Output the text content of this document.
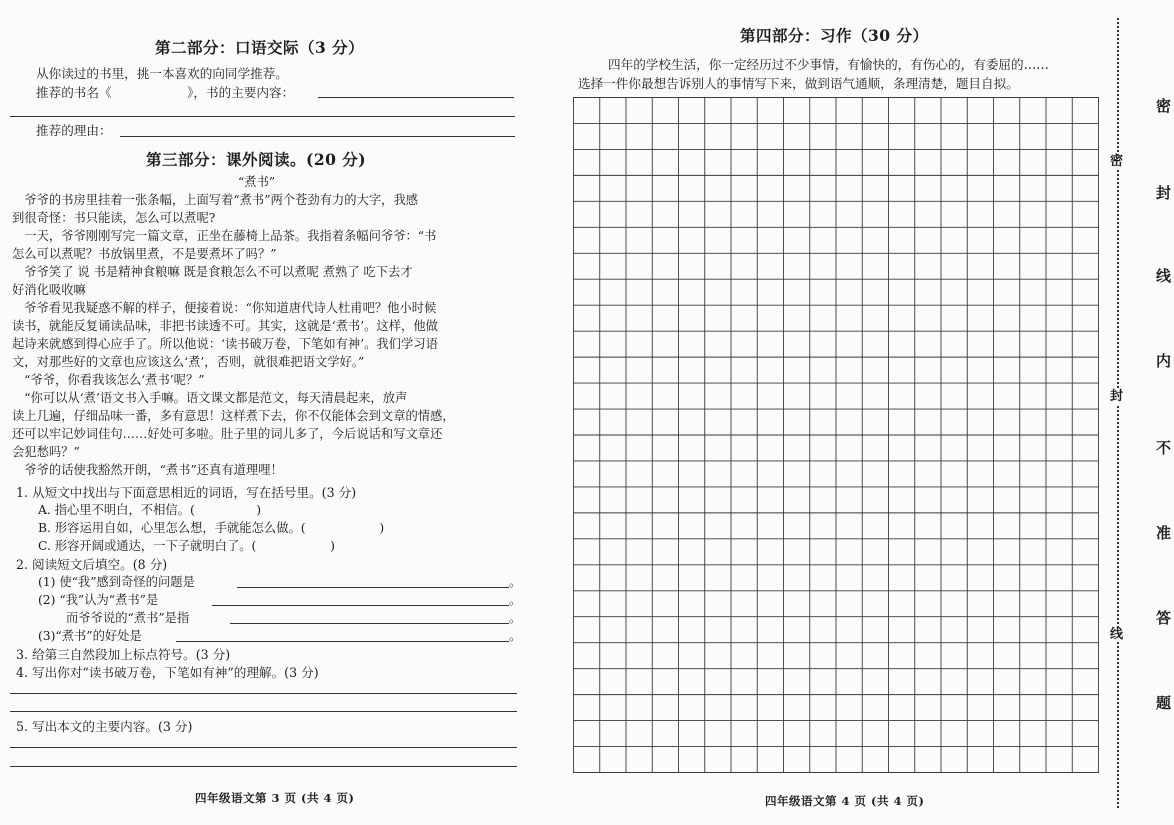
第二部分：口语交际（3 分）
从你读过的书里，挑一本喜欢的向同学推荐。
推荐的书名《　　　　　　》，书的主要内容：
推荐的理由：
第三部分：课外阅读。(20 分)
“煮书”
　爷爷的书房里挂着一张条幅，上面写着“煮书”两个苍劲有力的大字，我感
到很奇怪：书只能读，怎么可以煮呢?
　一天，爷爷刚刚写完一篇文章，正坐在藤椅上品茶。我指着条幅问爷爷：“书
怎么可以煮呢？书放锅里煮，不是要煮坏了吗？”
　爷爷笑了 说 书是精神食粮嘛 既是食粮怎么不可以煮呢 煮熟了 吃下去才
好消化吸收嘛
　爷爷看见我疑惑不解的样子，便接着说：“你知道唐代诗人杜甫吧？他小时候
读书，就能反复诵读品味，非把书读透不可。其实，这就是‘煮书’。这样，他做
起诗来就感到得心应手了。所以他说：‘读书破万卷，下笔如有神’。我们学习语
文，对那些好的文章也应该这么‘煮’，否则，就很难把语文学好。”
　“爷爷，你看我该怎么‘煮书’呢？”
　“你可以从‘煮’语文书入手嘛。语文课文都是范文，每天清晨起来，放声
读上几遍，仔细品味一番，多有意思！这样煮下去，你不仅能体会到文章的情感，
还可以牢记妙词佳句……好处可多啦。肚子里的词儿多了，今后说话和写文章还
会犯愁吗？”
　爷爷的话使我豁然开朗，“煮书”还真有道理哩！
1. 从短文中找出与下面意思相近的词语，写在括号里。(3 分)
A. 指心里不明白，不相信。(　　　　　)
B. 形容运用自如，心里怎么想，手就能怎么做。(　　　　　　)
C. 形容开阔或通达，一下子就明白了。(　　　　　　)
2. 阅读短文后填空。(8 分)
(1) 使“我”感到奇怪的问题是	。
(2) “我”认为“煮书”是	。
而爷爷说的“煮书”是指	。
(3)“煮书”的好处是	。
3. 给第三自然段加上标点符号。(3 分)
4. 写出你对“读书破万卷，下笔如有神”的理解。(3 分)
5. 写出本文的主要内容。(3 分)
四年级语文第 3 页 (共 4 页)
第四部分：习作（30 分）
四年的学校生活，你一定经历过不少事情，有愉快的，有伤心的，有委屈的……
选择一件你最想告诉别人的事情写下来，做到语气通顺，条理清楚，题目自拟。
四年级语文第 4 页 (共 4 页)
密
封
线
密
封
线
内
不
准
答
题
